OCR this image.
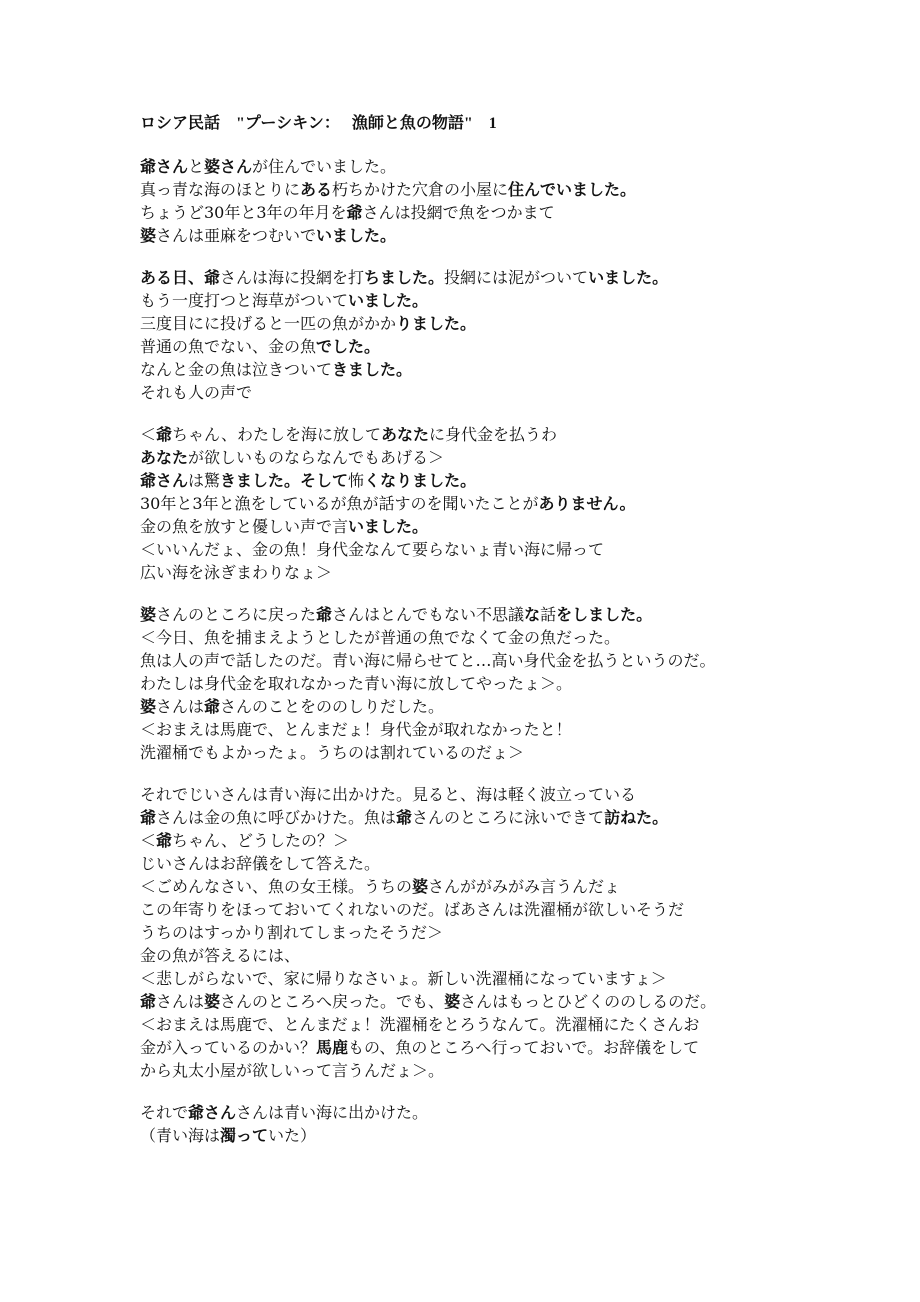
ロシア民話　"プーシキン：　 漁師と魚の物語"　1
爺さんと婆さんが住んでいました。
真っ青な海のほとりにある朽ちかけた穴倉の小屋に住んでいました。
ちょうど30年と3年の年月を爺さんは投網で魚をつかまて
婆さんは亜麻をつむいでいました。
ある日、爺さんは海に投網を打ちました。投網には泥がついていました。
もう一度打つと海草がついていました。
三度目にに投げると一匹の魚がかかりました。
普通の魚でない、金の魚でした。
なんと金の魚は泣きついてきました。
それも人の声で
＜爺ちゃん、わたしを海に放してあなたに身代金を払うわ
あなたが欲しいものならなんでもあげる＞
爺さんは驚きました。そして怖くなりました。
30年と3年と漁をしているが魚が話すのを聞いたことがありません。
金の魚を放すと優しい声で言いました。
＜いいんだょ、金の魚！身代金なんて要らないょ青い海に帰って
広い海を泳ぎまわりなょ＞
婆さんのところに戻った爺さんはとんでもない不思議な話をしました。
＜今日、魚を捕まえようとしたが普通の魚でなくて金の魚だった。
魚は人の声で話したのだ。青い海に帰らせてと…高い身代金を払うというのだ。
わたしは身代金を取れなかった青い海に放してやったょ＞。
婆さんは爺さんのことをののしりだした。
＜おまえは馬鹿で、とんまだょ！身代金が取れなかったと！
洗濯桶でもよかったょ。うちのは割れているのだょ＞
それでじいさんは青い海に出かけた。見ると、海は軽く波立っている
爺さんは金の魚に呼びかけた。魚は爺さんのところに泳いできて訪ねた。
＜爺ちゃん、どうしたの？＞
じいさんはお辞儀をして答えた。
＜ごめんなさい、魚の女王様。うちの婆さんががみがみ言うんだょ
この年寄りをほっておいてくれないのだ。ばあさんは洗濯桶が欲しいそうだ
うちのはすっかり割れてしまったそうだ＞
金の魚が答えるには、
＜悲しがらないで、家に帰りなさいょ。新しい洗濯桶になっていますょ＞
爺さんは婆さんのところへ戻った。でも、婆さんはもっとひどくののしるのだ。
＜おまえは馬鹿で、とんまだょ！洗濯桶をとろうなんて。洗濯桶にたくさんお
金が入っているのかい？馬鹿もの、魚のところへ行っておいで。お辞儀をして
から丸太小屋が欲しいって言うんだょ＞。
それで爺さんさんは青い海に出かけた。
（青い海は濁っていた）
